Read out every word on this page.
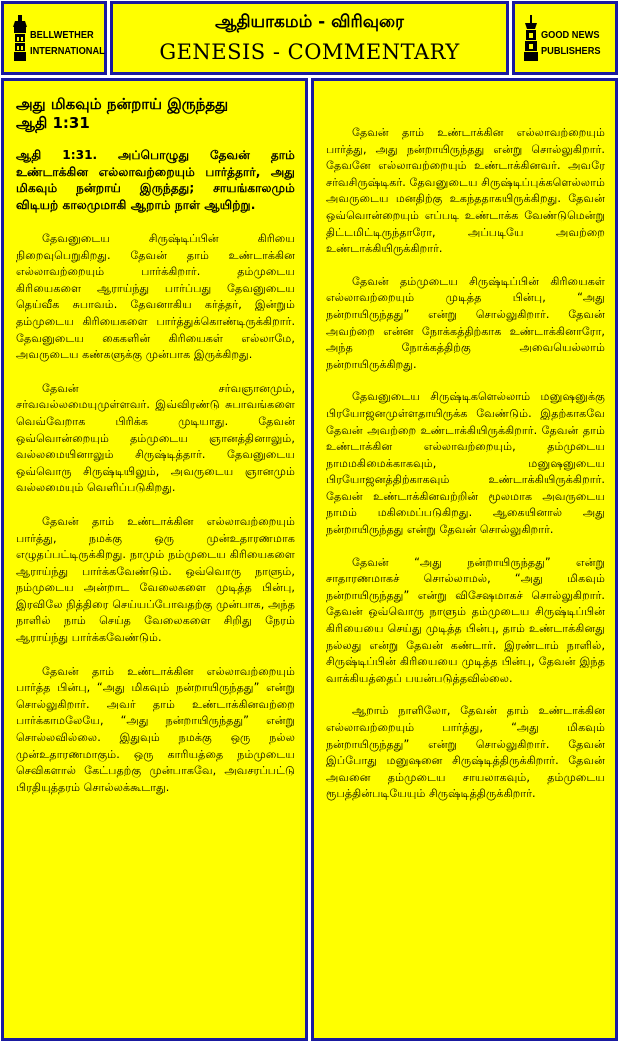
BELLWETHER
INTERNATIONAL
ஆதியாகமம் - விரிவுரை
GENESIS - COMMENTARY
GOOD NEWS
PUBLISHERS
அது மிகவும் நன்றாய் இருந்தது
ஆதி 1:31

ஆதி 1:31. அப்பொழுது தேவன் தாம் உண்டாக்கின எல்லாவற்றையும் பார்த்தார், அது மிகவும் நன்றாய் இருந்தது; சாயங்காலமும் விடியற் காலமுமாகி ஆறாம் நாள் ஆயிற்று.

தேவனுடைய சிருஷ்டிப்பின் கிரியை நிறைவுபெறுகிறது. தேவன் தாம் உண்டாக்கின எல்லாவற்றையும் பார்க்கிறார். தம்முடைய கிரியைகளை ஆராய்ந்து பார்ப்பது தேவனுடைய தெய்வீக சுபாவம். தேவனாகிய கர்த்தர், இன்றும் தம்முடைய கிரியைகளை பார்த்துக்கொண்டிருக்கிறார். தேவனுடைய கைகளின் கிரியைகள் எல்லாமே, அவருடைய கண்களுக்கு முன்பாக இருக்கிறது.

தேவன் சர்வஞானமும், சர்வவல்லமையுமுள்ளவர். இவ்விரண்டு சுபாவங்களை வெவ்வேறாக பிரிக்க முடியாது. தேவன் ஒவ்வொன்றையும் தம்முடைய ஞானத்தினாலும், வல்லமையினாலும் சிருஷ்டித்தார். தேவனுடைய ஒவ்வொரு சிருஷ்டியிலும், அவருடைய ஞானமும் வல்லமையும் வெளிப்படுகிறது.

தேவன் தாம் உண்டாக்கின எல்லாவற்றையும் பார்த்து, நமக்கு ஒரு முன்உதாரணமாக எழுதப்பட்டிருக்கிறது. நாமும் நம்முடைய கிரியைகளை ஆராய்ந்து பார்க்கவேண்டும். ஒவ்வொரு நாளும், நம்முடைய அன்றாட வேலைகளை முடித்த பின்பு, இரவிலே நித்திரை செய்யப்போவதற்கு முன்பாக, அந்த நாளில் நாம் செய்த வேலைகளை சிறிது நேரம் ஆராய்ந்து பார்க்கவேண்டும்.

தேவன் தாம் உண்டாக்கின எல்லாவற்றையும் பார்த்த பின்பு, “அது மிகவும் நன்றாயிருந்தது” என்று சொல்லுகிறார். அவர் தாம் உண்டாக்கினவற்றை பார்க்காமலேயே, “அது நன்றாயிருந்தது” என்று சொல்லவில்லை. இதுவும் நமக்கு ஒரு நல்ல முன்உதாரணமாகும். ஒரு காரியத்தை நம்முடைய செவிகளால் கேட்பதற்கு முன்பாகவே, அவசரப்பட்டு பிரதியுத்தரம் சொல்லக்கூடாது.

தேவன் தாம் உண்டாக்கின எல்லாவற்றையும் பார்த்து, அது நன்றாயிருந்தது என்று சொல்லுகிறார். தேவனே எல்லாவற்றையும் உண்டாக்கினவர். அவரே சர்வசிருஷ்டிகர். தேவனுடைய சிருஷ்டிப்புக்களெல்லாம் அவருடைய மனதிற்கு உகந்ததாகயிருக்கிறது. தேவன் ஒவ்வொன்றையும் எப்படி உண்டாக்க வேண்டுமென்று திட்டமிட்டிருந்தாரோ, அப்படியே அவற்றை உண்டாக்கியிருக்கிறார்.

தேவன் தம்முடைய சிருஷ்டிப்பின் கிரியைகள் எல்லாவற்றையும் முடித்த பின்பு, “அது நன்றாயிருந்தது” என்று சொல்லுகிறார். தேவன் அவற்றை என்ன நோக்கத்திற்காக உண்டாக்கினாரோ, அந்த நோக்கத்திற்கு அவையெல்லாம் நன்றாயிருக்கிறது.

தேவனுடைய சிருஷ்டிகளெல்லாம் மனுஷனுக்கு பிரயோஜனமுள்ளதாயிருக்க வேண்டும். இதற்காகவே தேவன் அவற்றை உண்டாக்கியிருக்கிறார். தேவன் தாம் உண்டாக்கின எல்லாவற்றையும், தம்முடைய நாமமகிமைக்காகவும், மனுஷனுடைய பிரயோஜனத்திற்காகவும் உண்டாக்கியிருக்கிறார். தேவன் உண்டாக்கினவற்றின் மூலமாக அவருடைய நாமம் மகிமைப்படுகிறது. ஆகையினால் அது நன்றாயிருந்தது என்று தேவன் சொல்லுகிறார்.

தேவன் “அது நன்றாயிருந்தது” என்று சாதாரணமாகச் சொல்லாமல், “அது மிகவும் நன்றாயிருந்தது” என்று விசேஷமாகச் சொல்லுகிறார். தேவன் ஒவ்வொரு நாளும் தம்முடைய சிருஷ்டிப்பின் கிரியையை செய்து முடித்த பின்பு, தாம் உண்டாக்கினது நல்லது என்று தேவன் கண்டார். இரண்டாம் நாளில், சிருஷ்டிப்பின் கிரியையை முடித்த பின்பு, தேவன் இந்த வாக்கியத்தைப் பயன்படுத்தவில்லை.

ஆறாம் நாளிலோ, தேவன் தாம் உண்டாக்கின எல்லாவற்றையும் பார்த்து, “அது மிகவும் நன்றாயிருந்தது” என்று சொல்லுகிறார். தேவன் இப்போது மனுஷனை சிருஷ்டித்திருக்கிறார். தேவன் அவனை தம்முடைய சாயலாகவும், தம்முடைய ரூபத்தின்படியேயும் சிருஷ்டித்திருக்கிறார்.
